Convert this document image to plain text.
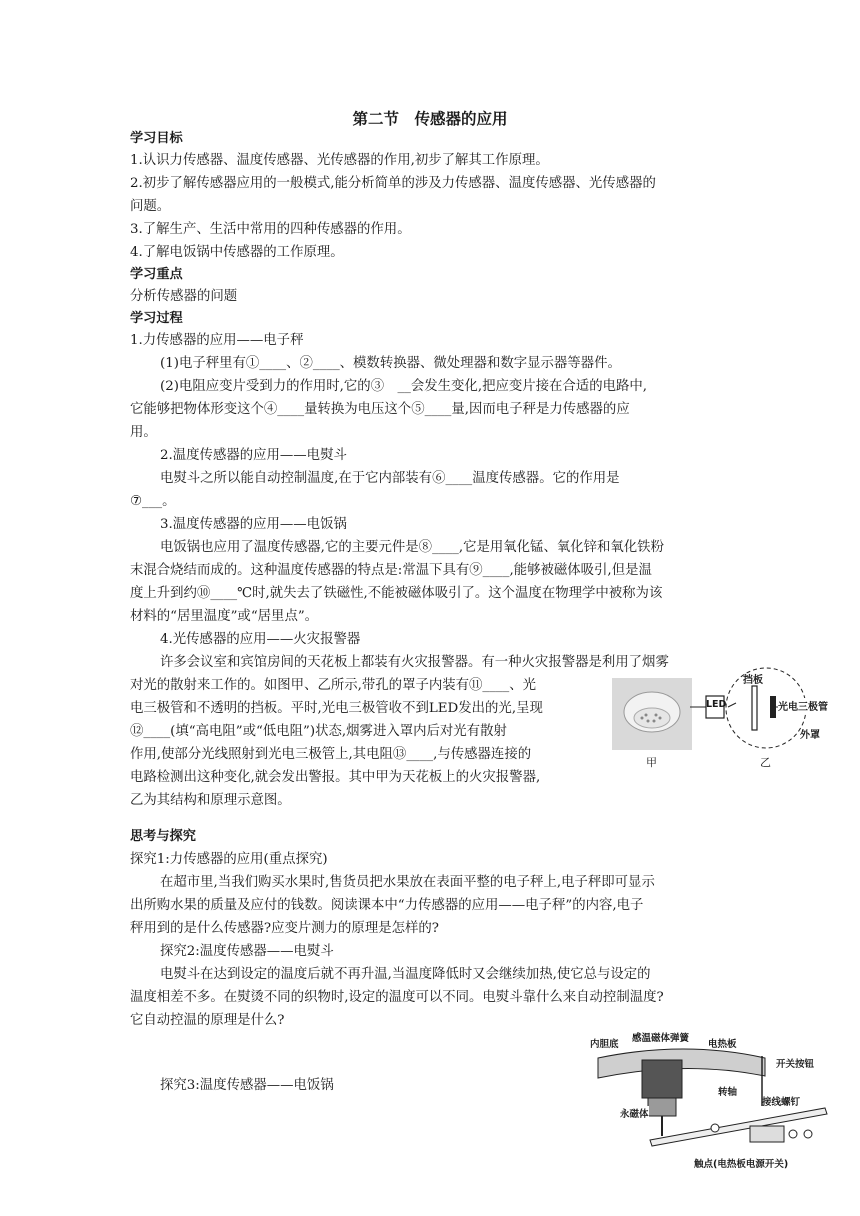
第二节　传感器的应用
学习目标
1.认识力传感器、温度传感器、光传感器的作用,初步了解其工作原理。
2.初步了解传感器应用的一般模式,能分析简单的涉及力传感器、温度传感器、光传感器的
问题。
3.了解生产、生活中常用的四种传感器的作用。
4.了解电饭锅中传感器的工作原理。
学习重点
分析传感器的问题
学习过程
1.力传感器的应用——电子秤
(1)电子秤里有①____、②____、模数转换器、微处理器和数字显示器等器件。
(2)电阻应变片受到力的作用时,它的③　__会发生变化,把应变片接在合适的电路中,
它能够把物体形变这个④____量转换为电压这个⑤____量,因而电子秤是力传感器的应
用。
2.温度传感器的应用——电熨斗
电熨斗之所以能自动控制温度,在于它内部装有⑥____温度传感器。它的作用是
⑦___。
3.温度传感器的应用——电饭锅
电饭锅也应用了温度传感器,它的主要元件是⑧____,它是用氧化锰、氧化锌和氧化铁粉
末混合烧结而成的。这种温度传感器的特点是:常温下具有⑨____,能够被磁体吸引,但是温
度上升到约⑩____℃时,就失去了铁磁性,不能被磁体吸引了。这个温度在物理学中被称为该
材料的“居里温度”或“居里点”。
4.光传感器的应用——火灾报警器
许多会议室和宾馆房间的天花板上都装有火灾报警器。有一种火灾报警器是利用了烟雾
对光的散射来工作的。如图甲、乙所示,带孔的罩子内装有⑪____、光
电三极管和不透明的挡板。平时,光电三极管收不到LED发出的光,呈现
⑫____(填“高电阻”或“低电阻”)状态,烟雾进入罩内后对光有散射
作用,使部分光线照射到光电三极管上,其电阻⑬____,与传感器连接的
电路检测出这种变化,就会发出警报。其中甲为天花板上的火灾报警器,
乙为其结构和原理示意图。
LED
挡板
光电三极管
外罩
甲	乙
思考与探究
探究1:力传感器的应用(重点探究)
在超市里,当我们购买水果时,售货员把水果放在表面平整的电子秤上,电子秤即可显示
出所购水果的质量及应付的钱数。阅读课本中“力传感器的应用——电子秤”的内容,电子
秤用到的是什么传感器?应变片测力的原理是怎样的?
探究2:温度传感器——电熨斗
电熨斗在达到设定的温度后就不再升温,当温度降低时又会继续加热,使它总与设定的
温度相差不多。在熨烫不同的织物时,设定的温度可以不同。电熨斗靠什么来自动控制温度?
它自动控温的原理是什么?
探究3:温度传感器——电饭锅
内胆底
感温磁体弹簧
电热板
开关按钮
转轴
永磁体
接线螺钉
触点(电热板电源开关)
